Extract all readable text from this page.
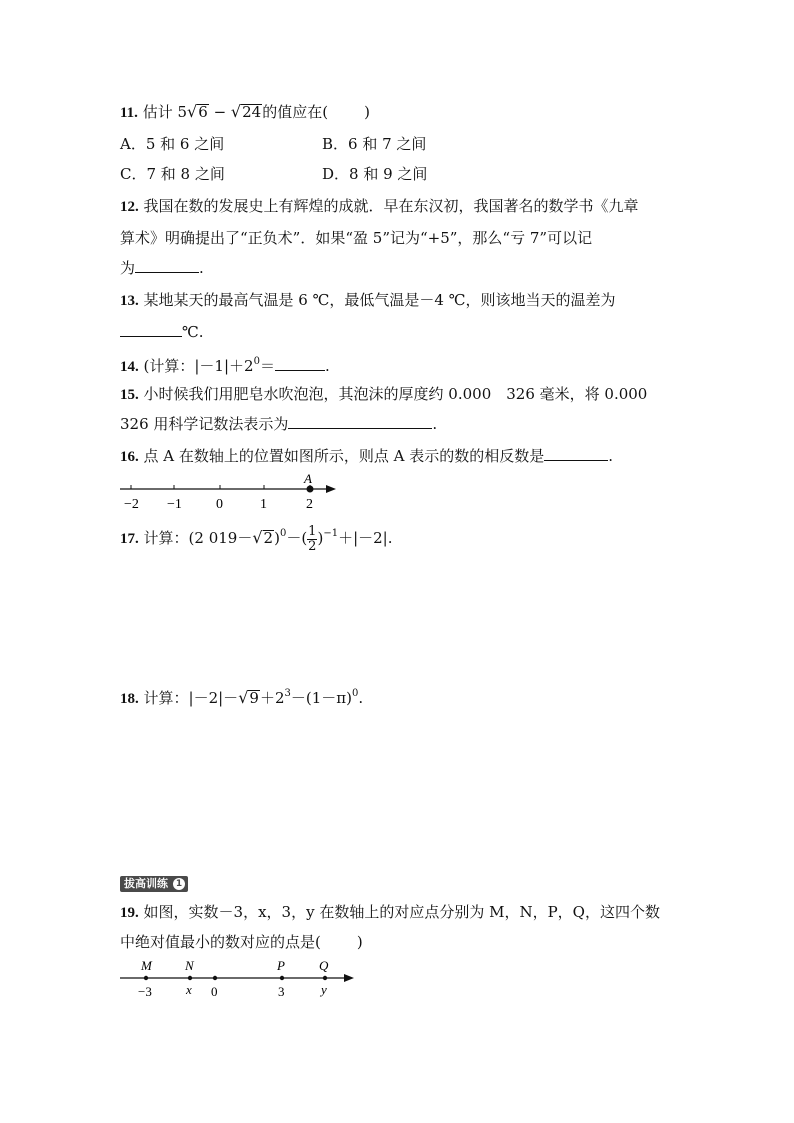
11. 估计 5√6 − √24的值应在( )
A．5 和 6 之间	B．6 和 7 之间
C．7 和 8 之间	D．8 和 9 之间
12. 我国在数的发展史上有辉煌的成就．早在东汉初，我国著名的数学书《九章
算术》明确提出了“正负术”．如果“盈 5”记为“+5”，那么“亏 7”可以记
为	.
13. 某地某天的最高气温是 6 ℃，最低气温是－4 ℃，则该地当天的温差为
℃.
14. (计算：$|-1|+2^0=$	.
15. 小时候我们用肥皂水吹泡泡，其泡沫的厚度约 0.000　326 毫米，将 0.000
326 用科学记数法表示为	.
16. 点 A 在数轴上的位置如图所示，则点 A 表示的数的相反数是	.
A
−2 −1 0	1	2
17. 计算：(2 $019-√2)^0-( \frac{1}{2} )^{-1}+|-2|$.
18. 计算：$|-2|-√9+2^3-(1-\pi)^0$.
拔高训练 1
19. 如图，实数－3，x，3，y 在数轴上的对应点分别为 M，N，P，Q，这四个数
中绝对值最小的数对应的点是( )
M	N	P	Q
−3	x 0	3	y
